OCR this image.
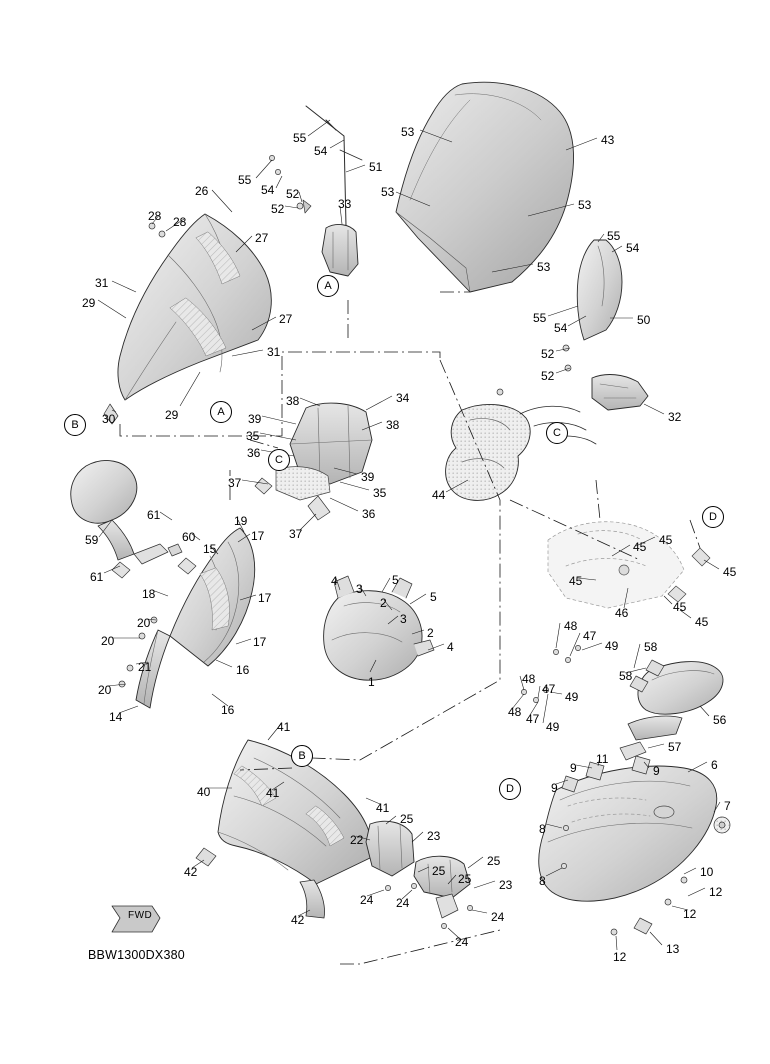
A
B
A
C
C
D
B
D
FWD
BBW1300DX380
55
54
53
43
51
55
54 52
26	53
52	33	53
28 28
27	55
54
53
31
29
27	55
54
50
31	52
29
52
30
38	34
32
39
35
38
36
39
35
37
36
44
37
61	19
45
45
60	17
59
15
45
61
18
45
46	45
45
17
4
3
5
2	5
3
17
20
20
2	48
47
49 58
4
21	16
20
58
1	48
47
49
56
16	48 47
49
14
41
57
11
9	9
40	41	9
6
41
25
7
8
22	23
25
25
25
42	10
8
12
24
23
42
24
12
24
13
12
24
